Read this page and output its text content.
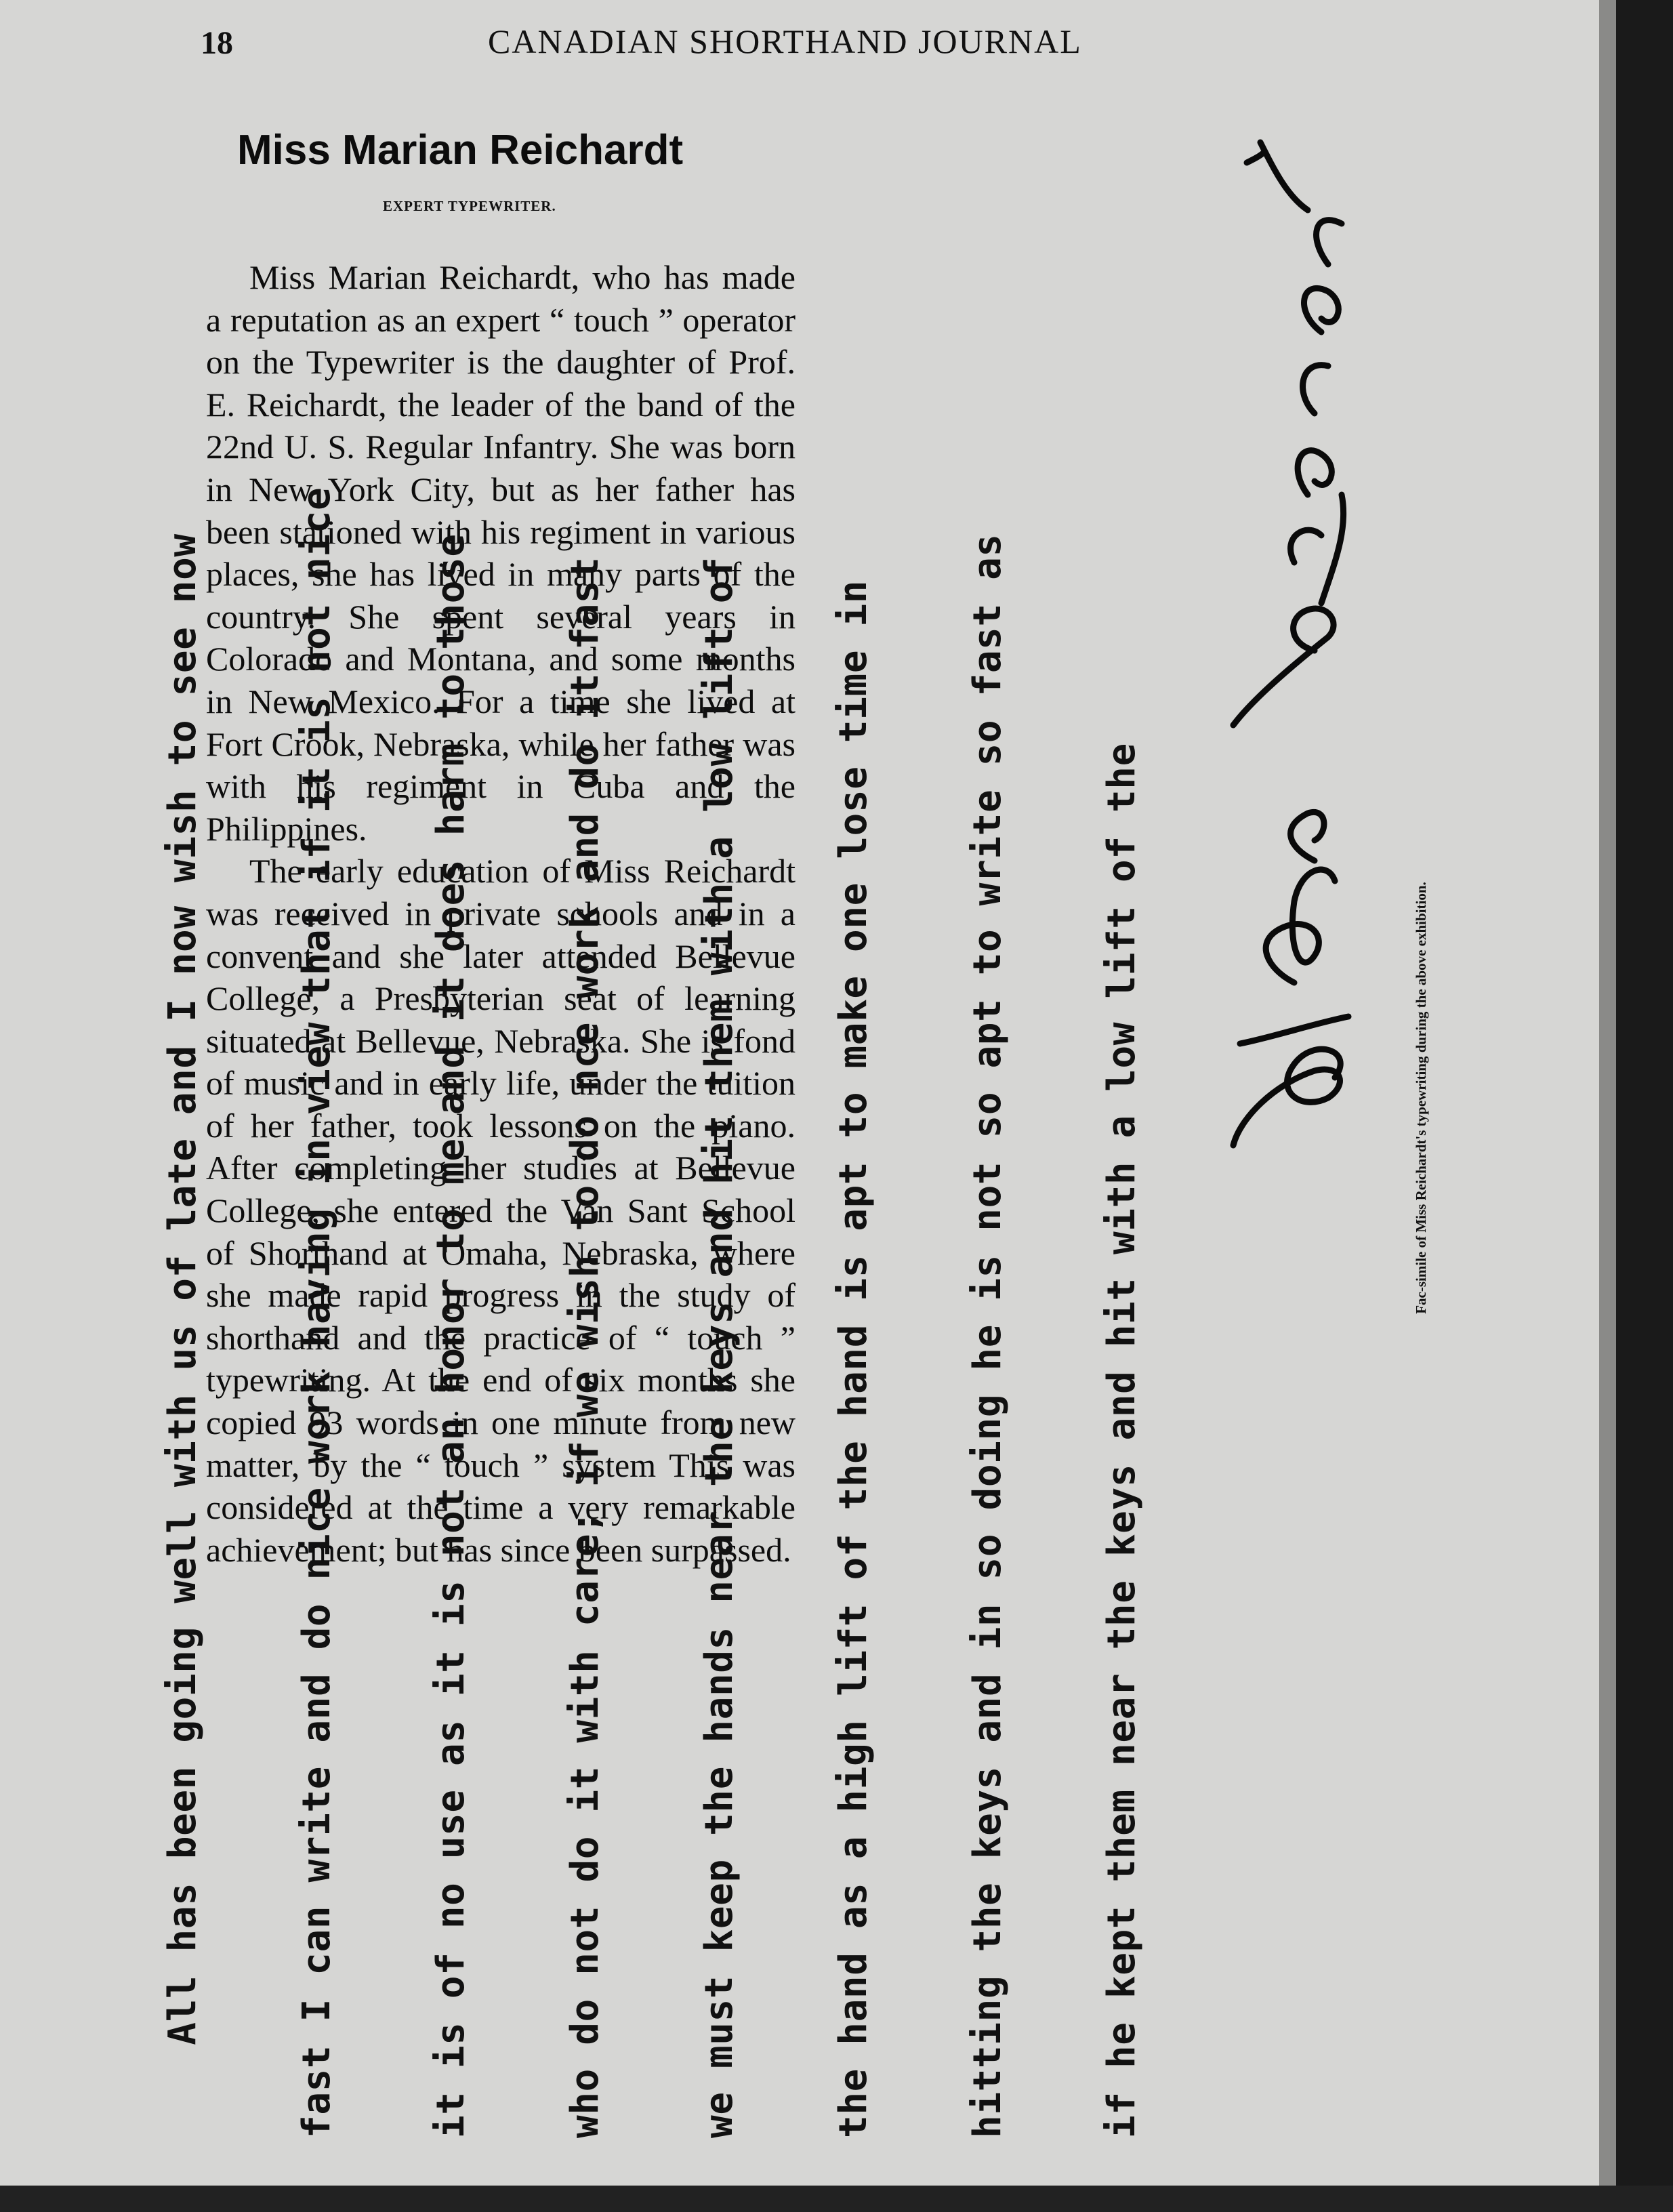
18	CANADIAN SHORTHAND JOURNAL
Miss Marian Reichardt
EXPERT TYPEWRITER.

Miss Marian Reichardt, who has made a reputation as an expert “ touch ” operator on the Typewriter is the daughter of Prof. E. Reichardt, the leader of the band of the 22nd U. S. Regular Infantry. She was born in New York City, but as her father has been stationed with his regiment in various places, she has lived in many parts of the country. She spent several years in Colorado and Montana, and some months in New Mexico. For a time she lived at Fort Crook, Nebraska, while her father was with his regiment in Cuba and the Philippines.

The early education of Miss Reichardt was received in private schools and in a convent and she later attended Bellevue College, a Presbyterian seat of learning situated at Bellevue, Nebraska. She is fond of music and in early life, under the tuition of her father, took lessons on the piano. After completing her studies at Bellevue College, she entered the Van Sant School of Shorthand at Omaha, Nebraska, where she made rapid progress in the study of shorthand and the practice of “ touch ” typewriting. At the end of six months she copied 93 words in one minute from new matter, by the “ touch ” system This was considered at the time a very remarkable achievement; but has since been surpassed.

All has been going well with us of late and I now wish to see now

fast I can write and do nice work having in view that if it is not nice

it is of no use as it is not an honor to me and it does harm to those

who do not do it with care; if we wish to do nce work and do it fast

we must keep the hands near the keys and hit them with a low lift of

the hand as a high lift of the hand is apt to make one lose time in

hitting the keys and in so doing he is not so apt to write so fast as

if he kept them near the keys and hit with a low lift of the

	Fac-simile of Miss Reichardt's typewriting during the above exhibition.
